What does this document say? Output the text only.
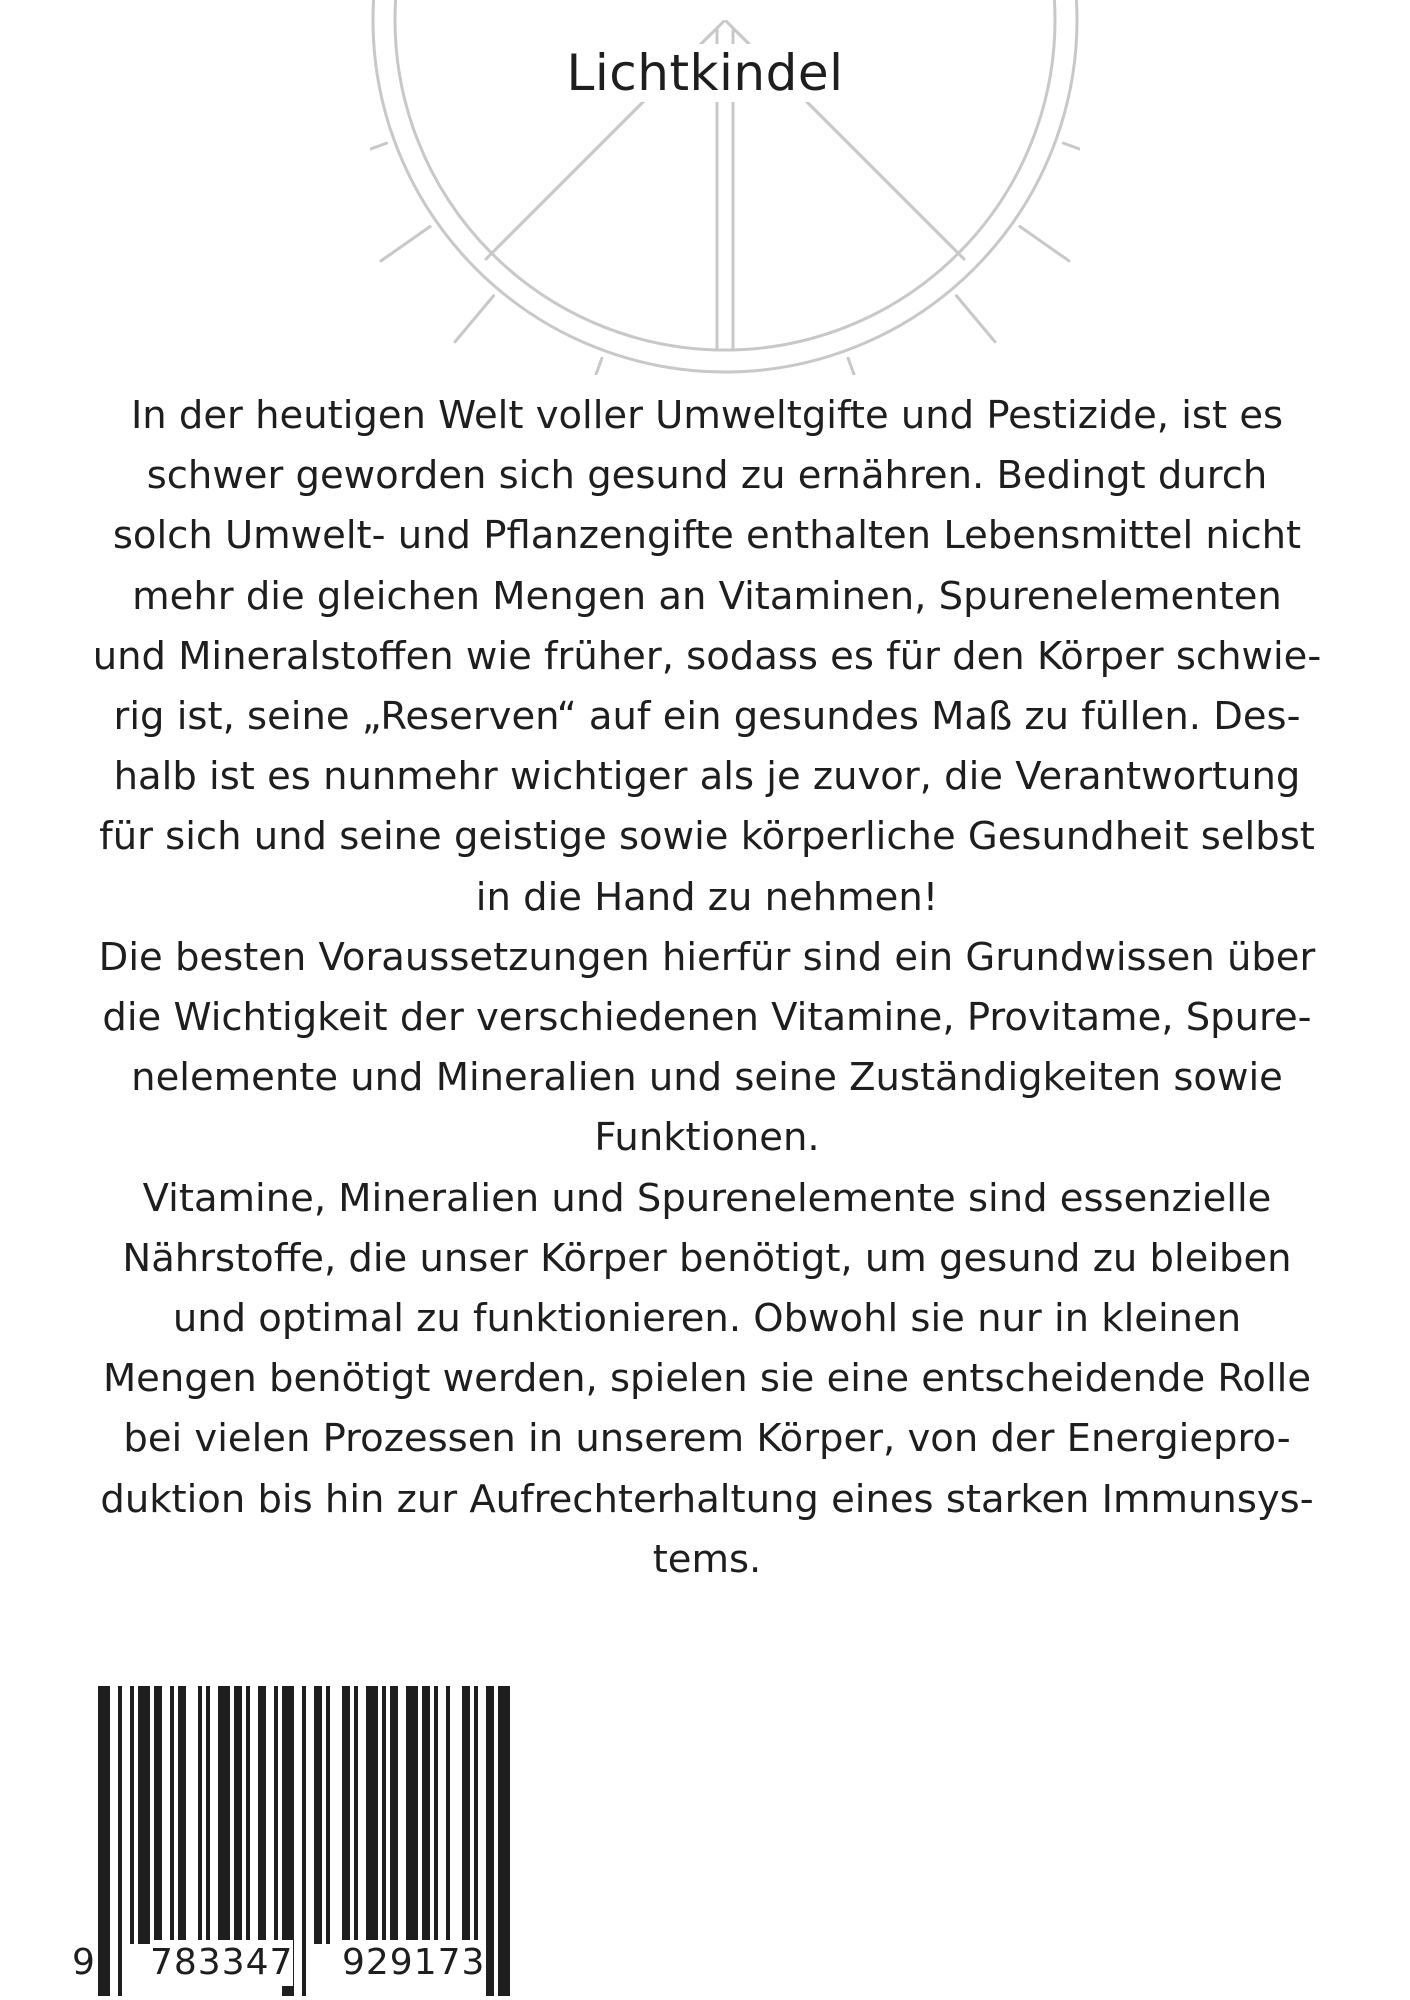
Lichtkindel

In der heutigen Welt voller Umweltgifte und Pestizide, ist es
schwer geworden sich gesund zu ernähren. Bedingt durch
solch Umwelt- und Pflanzengifte enthalten Lebensmittel nicht
mehr die gleichen Mengen an Vitaminen, Spurenelementen
und Mineralstoffen wie früher, sodass es für den Körper schwie-
rig ist, seine „Reserven“ auf ein gesundes Maß zu füllen. Des-
halb ist es nunmehr wichtiger als je zuvor, die Verantwortung
für sich und seine geistige sowie körperliche Gesundheit selbst
in die Hand zu nehmen!

Die besten Voraussetzungen hierfür sind ein Grundwissen über
die Wichtigkeit der verschiedenen Vitamine, Provitame, Spure-
nelemente und Mineralien und seine Zuständigkeiten sowie
Funktionen.

Vitamine, Mineralien und Spurenelemente sind essenzielle
Nährstoffe, die unser Körper benötigt, um gesund zu bleiben
und optimal zu funktionieren. Obwohl sie nur in kleinen
Mengen benötigt werden, spielen sie eine entscheidende Rolle
bei vielen Prozessen in unserem Körper, von der Energiepro-
duktion bis hin zur Aufrechterhaltung eines starken Immunsys-
tems.

9 783347 929173
